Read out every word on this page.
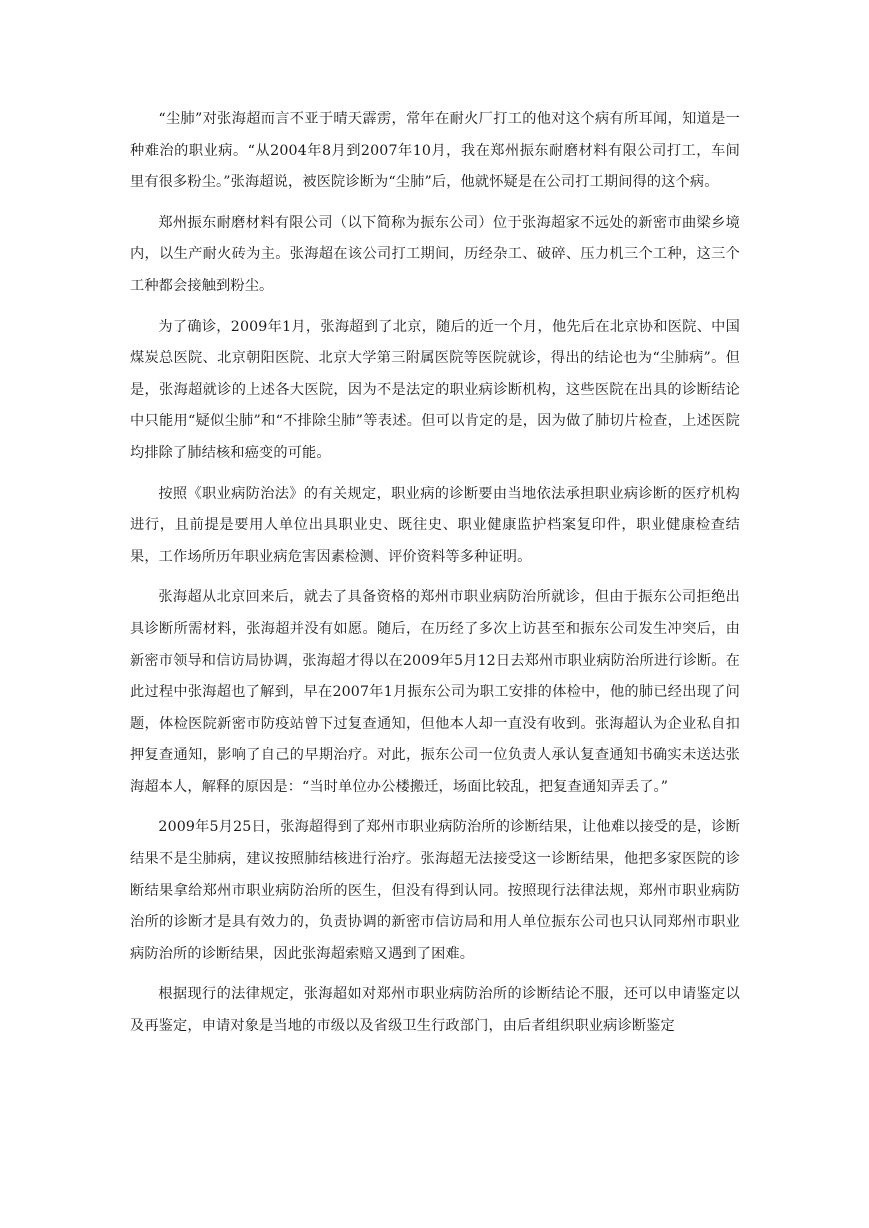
“尘肺”对张海超而言不亚于晴天霹雳，常年在耐火厂打工的他对这个病有所耳闻，知道是一种难治的职业病。“从2004年8月到2007年10月，我在郑州振东耐磨材料有限公司打工，车间里有很多粉尘。”张海超说，被医院诊断为“尘肺”后，他就怀疑是在公司打工期间得的这个病。

郑州振东耐磨材料有限公司（以下简称为振东公司）位于张海超家不远处的新密市曲梁乡境内，以生产耐火砖为主。张海超在该公司打工期间，历经杂工、破碎、压力机三个工种，这三个工种都会接触到粉尘。

为了确诊，2009年1月，张海超到了北京，随后的近一个月，他先后在北京协和医院、中国煤炭总医院、北京朝阳医院、北京大学第三附属医院等医院就诊，得出的结论也为“尘肺病”。但是，张海超就诊的上述各大医院，因为不是法定的职业病诊断机构，这些医院在出具的诊断结论中只能用“疑似尘肺”和“不排除尘肺”等表述。但可以肯定的是，因为做了肺切片检查，上述医院均排除了肺结核和癌变的可能。

按照《职业病防治法》的有关规定，职业病的诊断要由当地依法承担职业病诊断的医疗机构进行，且前提是要用人单位出具职业史、既往史、职业健康监护档案复印件，职业健康检查结果，工作场所历年职业病危害因素检测、评价资料等多种证明。

张海超从北京回来后，就去了具备资格的郑州市职业病防治所就诊，但由于振东公司拒绝出具诊断所需材料，张海超并没有如愿。随后，在历经了多次上访甚至和振东公司发生冲突后，由新密市领导和信访局协调，张海超才得以在2009年5月12日去郑州市职业病防治所进行诊断。在此过程中张海超也了解到，早在2007年1月振东公司为职工安排的体检中，他的肺已经出现了问题，体检医院新密市防疫站曾下过复查通知，但他本人却一直没有收到。张海超认为企业私自扣押复查通知，影响了自己的早期治疗。对此，振东公司一位负责人承认复查通知书确实未送达张海超本人，解释的原因是：“当时单位办公楼搬迁，场面比较乱，把复查通知弄丢了。”

2009年5月25日，张海超得到了郑州市职业病防治所的诊断结果，让他难以接受的是，诊断结果不是尘肺病，建议按照肺结核进行治疗。张海超无法接受这一诊断结果，他把多家医院的诊断结果拿给郑州市职业病防治所的医生，但没有得到认同。按照现行法律法规，郑州市职业病防治所的诊断才是具有效力的，负责协调的新密市信访局和用人单位振东公司也只认同郑州市职业病防治所的诊断结果，因此张海超索赔又遇到了困难。

根据现行的法律规定，张海超如对郑州市职业病防治所的诊断结论不服，还可以申请鉴定以及再鉴定，申请对象是当地的市级以及省级卫生行政部门，由后者组织职业病诊断鉴定
